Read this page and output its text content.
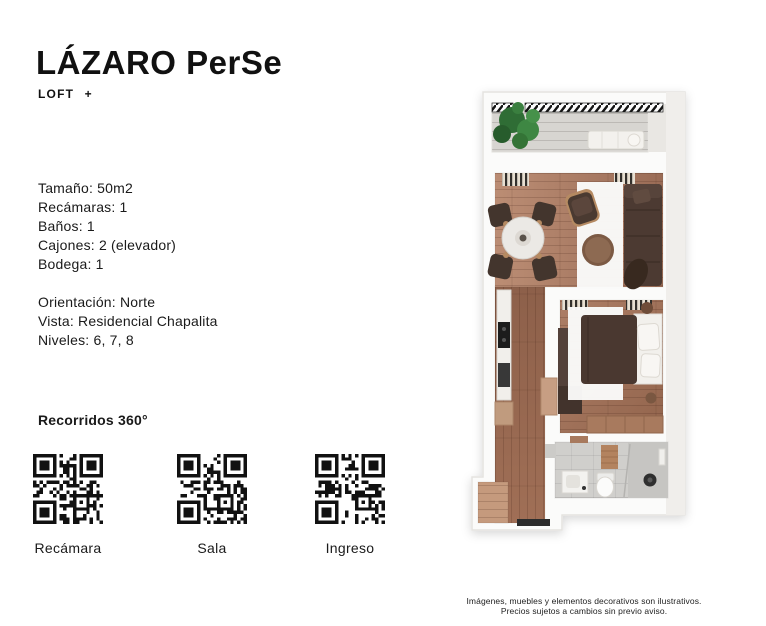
LÁZARO PerSe
LOFT +
Tamaño: 50m2
Recámaras: 1
Baños: 1
Cajones: 2 (elevador)
Bodega: 1
Orientación: Norte
Vista: Residencial Chapalita
Niveles: 6, 7, 8
Recorridos 360°
Recámara	Sala	Ingreso
Imágenes, muebles y elementos decorativos son ilustrativos.
Precios sujetos a cambios sin previo aviso.
